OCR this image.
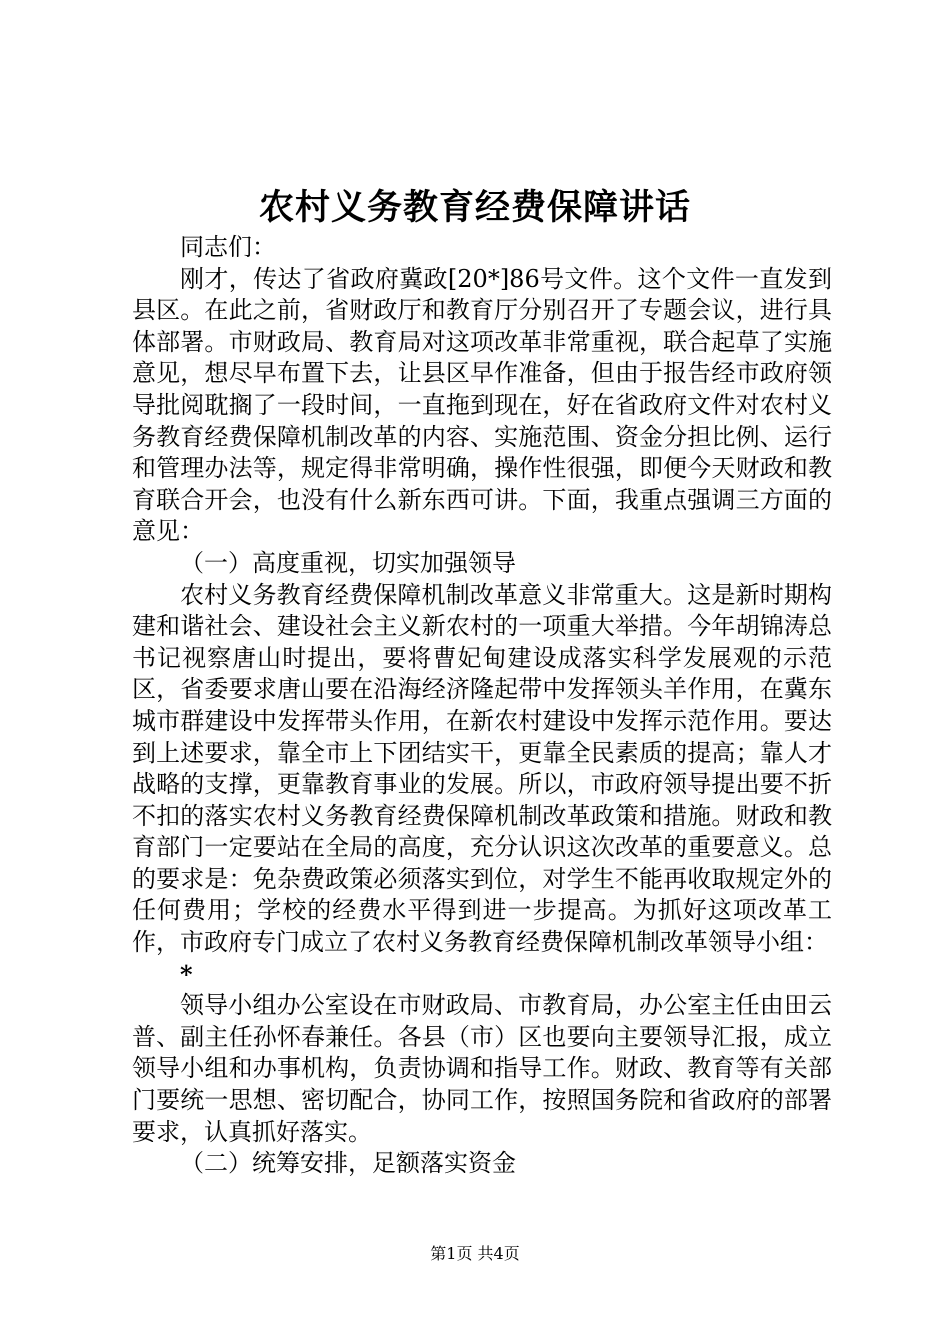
农村义务教育经费保障讲话

同志们：

刚才，传达了省政府冀政[20*]86号文件。这个文件一直发到县区。在此之前，省财政厅和教育厅分别召开了专题会议，进行具体部署。市财政局、教育局对这项改革非常重视，联合起草了实施意见，想尽早布置下去，让县区早作准备，但由于报告经市政府领导批阅耽搁了一段时间，一直拖到现在，好在省政府文件对农村义务教育经费保障机制改革的内容、实施范围、资金分担比例、运行和管理办法等，规定得非常明确，操作性很强，即便今天财政和教育联合开会，也没有什么新东西可讲。下面，我重点强调三方面的意见：

（一）高度重视，切实加强领导

农村义务教育经费保障机制改革意义非常重大。这是新时期构建和谐社会、建设社会主义新农村的一项重大举措。今年胡锦涛总书记视察唐山时提出，要将曹妃甸建设成落实科学发展观的示范区，省委要求唐山要在沿海经济隆起带中发挥领头羊作用，在冀东城市群建设中发挥带头作用，在新农村建设中发挥示范作用。要达到上述要求，靠全市上下团结实干，更靠全民素质的提高；靠人才战略的支撑，更靠教育事业的发展。所以，市政府领导提出要不折不扣的落实农村义务教育经费保障机制改革政策和措施。财政和教育部门一定要站在全局的高度，充分认识这次改革的重要意义。总的要求是：免杂费政策必须落实到位，对学生不能再收取规定外的任何费用；学校的经费水平得到进一步提高。为抓好这项改革工作，市政府专门成立了农村义务教育经费保障机制改革领导小组：

*

领导小组办公室设在市财政局、市教育局，办公室主任由田云普、副主任孙怀春兼任。各县（市）区也要向主要领导汇报，成立领导小组和办事机构，负责协调和指导工作。财政、教育等有关部门要统一思想、密切配合，协同工作，按照国务院和省政府的部署要求，认真抓好落实。

（二）统筹安排，足额落实资金

第1页 共4页
